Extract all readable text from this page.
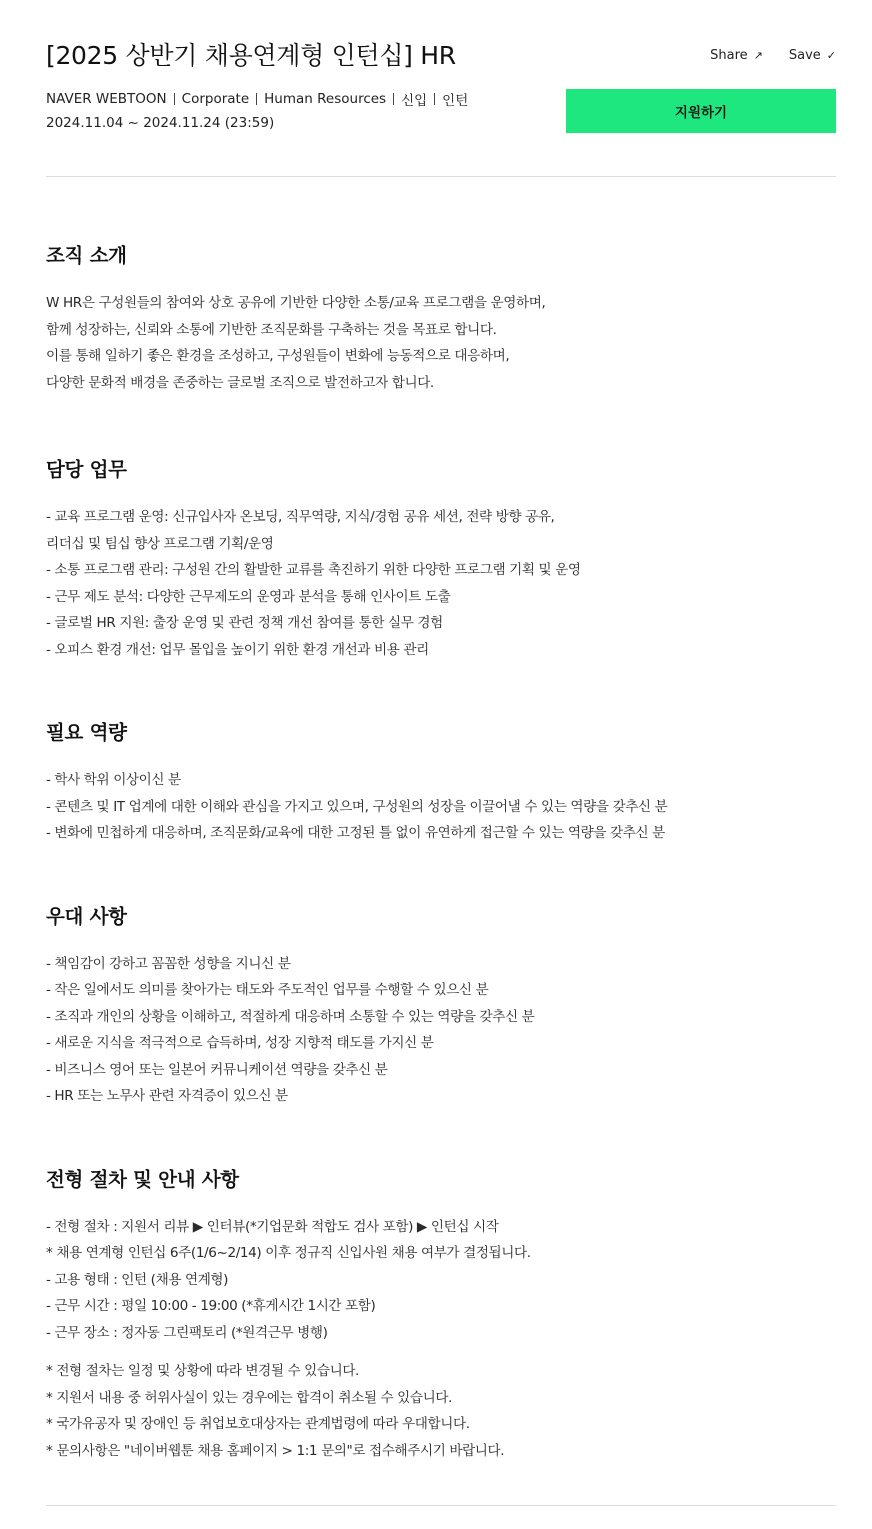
[2025 상반기 채용연계형 인턴십] HR
NAVER WEBTOON Corporate Human Resources 신입 인턴
2024.11.04 ~ 2024.11.24 (23:59)
Share ↗ Save ✓
지원하기
조직 소개

W HR은 구성원들의 참여와 상호 공유에 기반한 다양한 소통/교육 프로그램을 운영하며,

함께 성장하는, 신뢰와 소통에 기반한 조직문화를 구축하는 것을 목표로 합니다.

이를 통해 일하기 좋은 환경을 조성하고, 구성원들이 변화에 능동적으로 대응하며,

다양한 문화적 배경을 존중하는 글로벌 조직으로 발전하고자 합니다.

담당 업무

- 교육 프로그램 운영: 신규입사자 온보딩, 직무역량, 지식/경험 공유 세션, 전략 방향 공유,

리더십 및 팀십 향상 프로그램 기획/운영

- 소통 프로그램 관리: 구성원 간의 활발한 교류를 촉진하기 위한 다양한 프로그램 기획 및 운영

- 근무 제도 분석: 다양한 근무제도의 운영과 분석을 통해 인사이트 도출

- 글로벌 HR 지원: 출장 운영 및 관련 정책 개선 참여를 통한 실무 경험

- 오피스 환경 개선: 업무 몰입을 높이기 위한 환경 개선과 비용 관리

필요 역량

- 학사 학위 이상이신 분

- 콘텐츠 및 IT 업계에 대한 이해와 관심을 가지고 있으며, 구성원의 성장을 이끌어낼 수 있는 역량을 갖추신 분

- 변화에 민첩하게 대응하며, 조직문화/교육에 대한 고정된 틀 없이 유연하게 접근할 수 있는 역량을 갖추신 분

우대 사항

- 책임감이 강하고 꼼꼼한 성향을 지니신 분

- 작은 일에서도 의미를 찾아가는 태도와 주도적인 업무를 수행할 수 있으신 분

- 조직과 개인의 상황을 이해하고, 적절하게 대응하며 소통할 수 있는 역량을 갖추신 분

- 새로운 지식을 적극적으로 습득하며, 성장 지향적 태도를 가지신 분

- 비즈니스 영어 또는 일본어 커뮤니케이션 역량을 갖추신 분

- HR 또는 노무사 관련 자격증이 있으신 분

전형 절차 및 안내 사항

- 전형 절차 : 지원서 리뷰 ▶ 인터뷰(*기업문화 적합도 검사 포함) ▶ 인턴십 시작

* 채용 연계형 인턴십 6주(1/6~2/14) 이후 정규직 신입사원 채용 여부가 결정됩니다.

- 고용 형태 : 인턴 (채용 연계형)

- 근무 시간 : 평일 10:00 - 19:00 (*휴게시간 1시간 포함)

- 근무 장소 : 정자동 그린팩토리 (*원격근무 병행)

* 전형 절차는 일정 및 상황에 따라 변경될 수 있습니다.

* 지원서 내용 중 허위사실이 있는 경우에는 합격이 취소될 수 있습니다.

* 국가유공자 및 장애인 등 취업보호대상자는 관계법령에 따라 우대합니다.

* 문의사항은 "네이버웹툰 채용 홈페이지 > 1:1 문의"로 접수해주시기 바랍니다.
